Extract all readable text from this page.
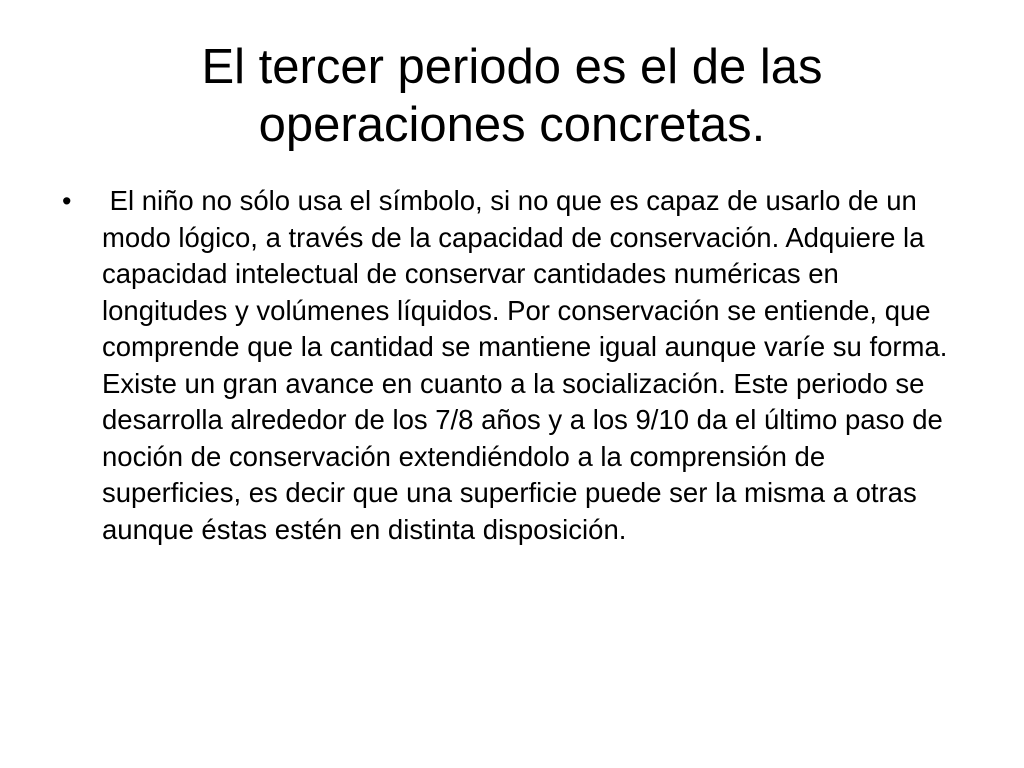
El tercer periodo es el de las operaciones concretas.
•	El niño no sólo usa el símbolo, si no que es capaz de usarlo de un modo lógico, a través de la capacidad de conservación. Adquiere la capacidad intelectual de conservar cantidades numéricas en longitudes y volúmenes líquidos. Por conservación se entiende, que comprende que la cantidad se mantiene igual aunque varíe su forma. Existe un gran avance en cuanto a la socialización. Este periodo se desarrolla alrededor de los 7/8 años y a los 9/10 da el último paso de noción de conservación extendiéndolo a la comprensión de superficies, es decir que una superficie puede ser la misma a otras aunque éstas estén en distinta disposición.
